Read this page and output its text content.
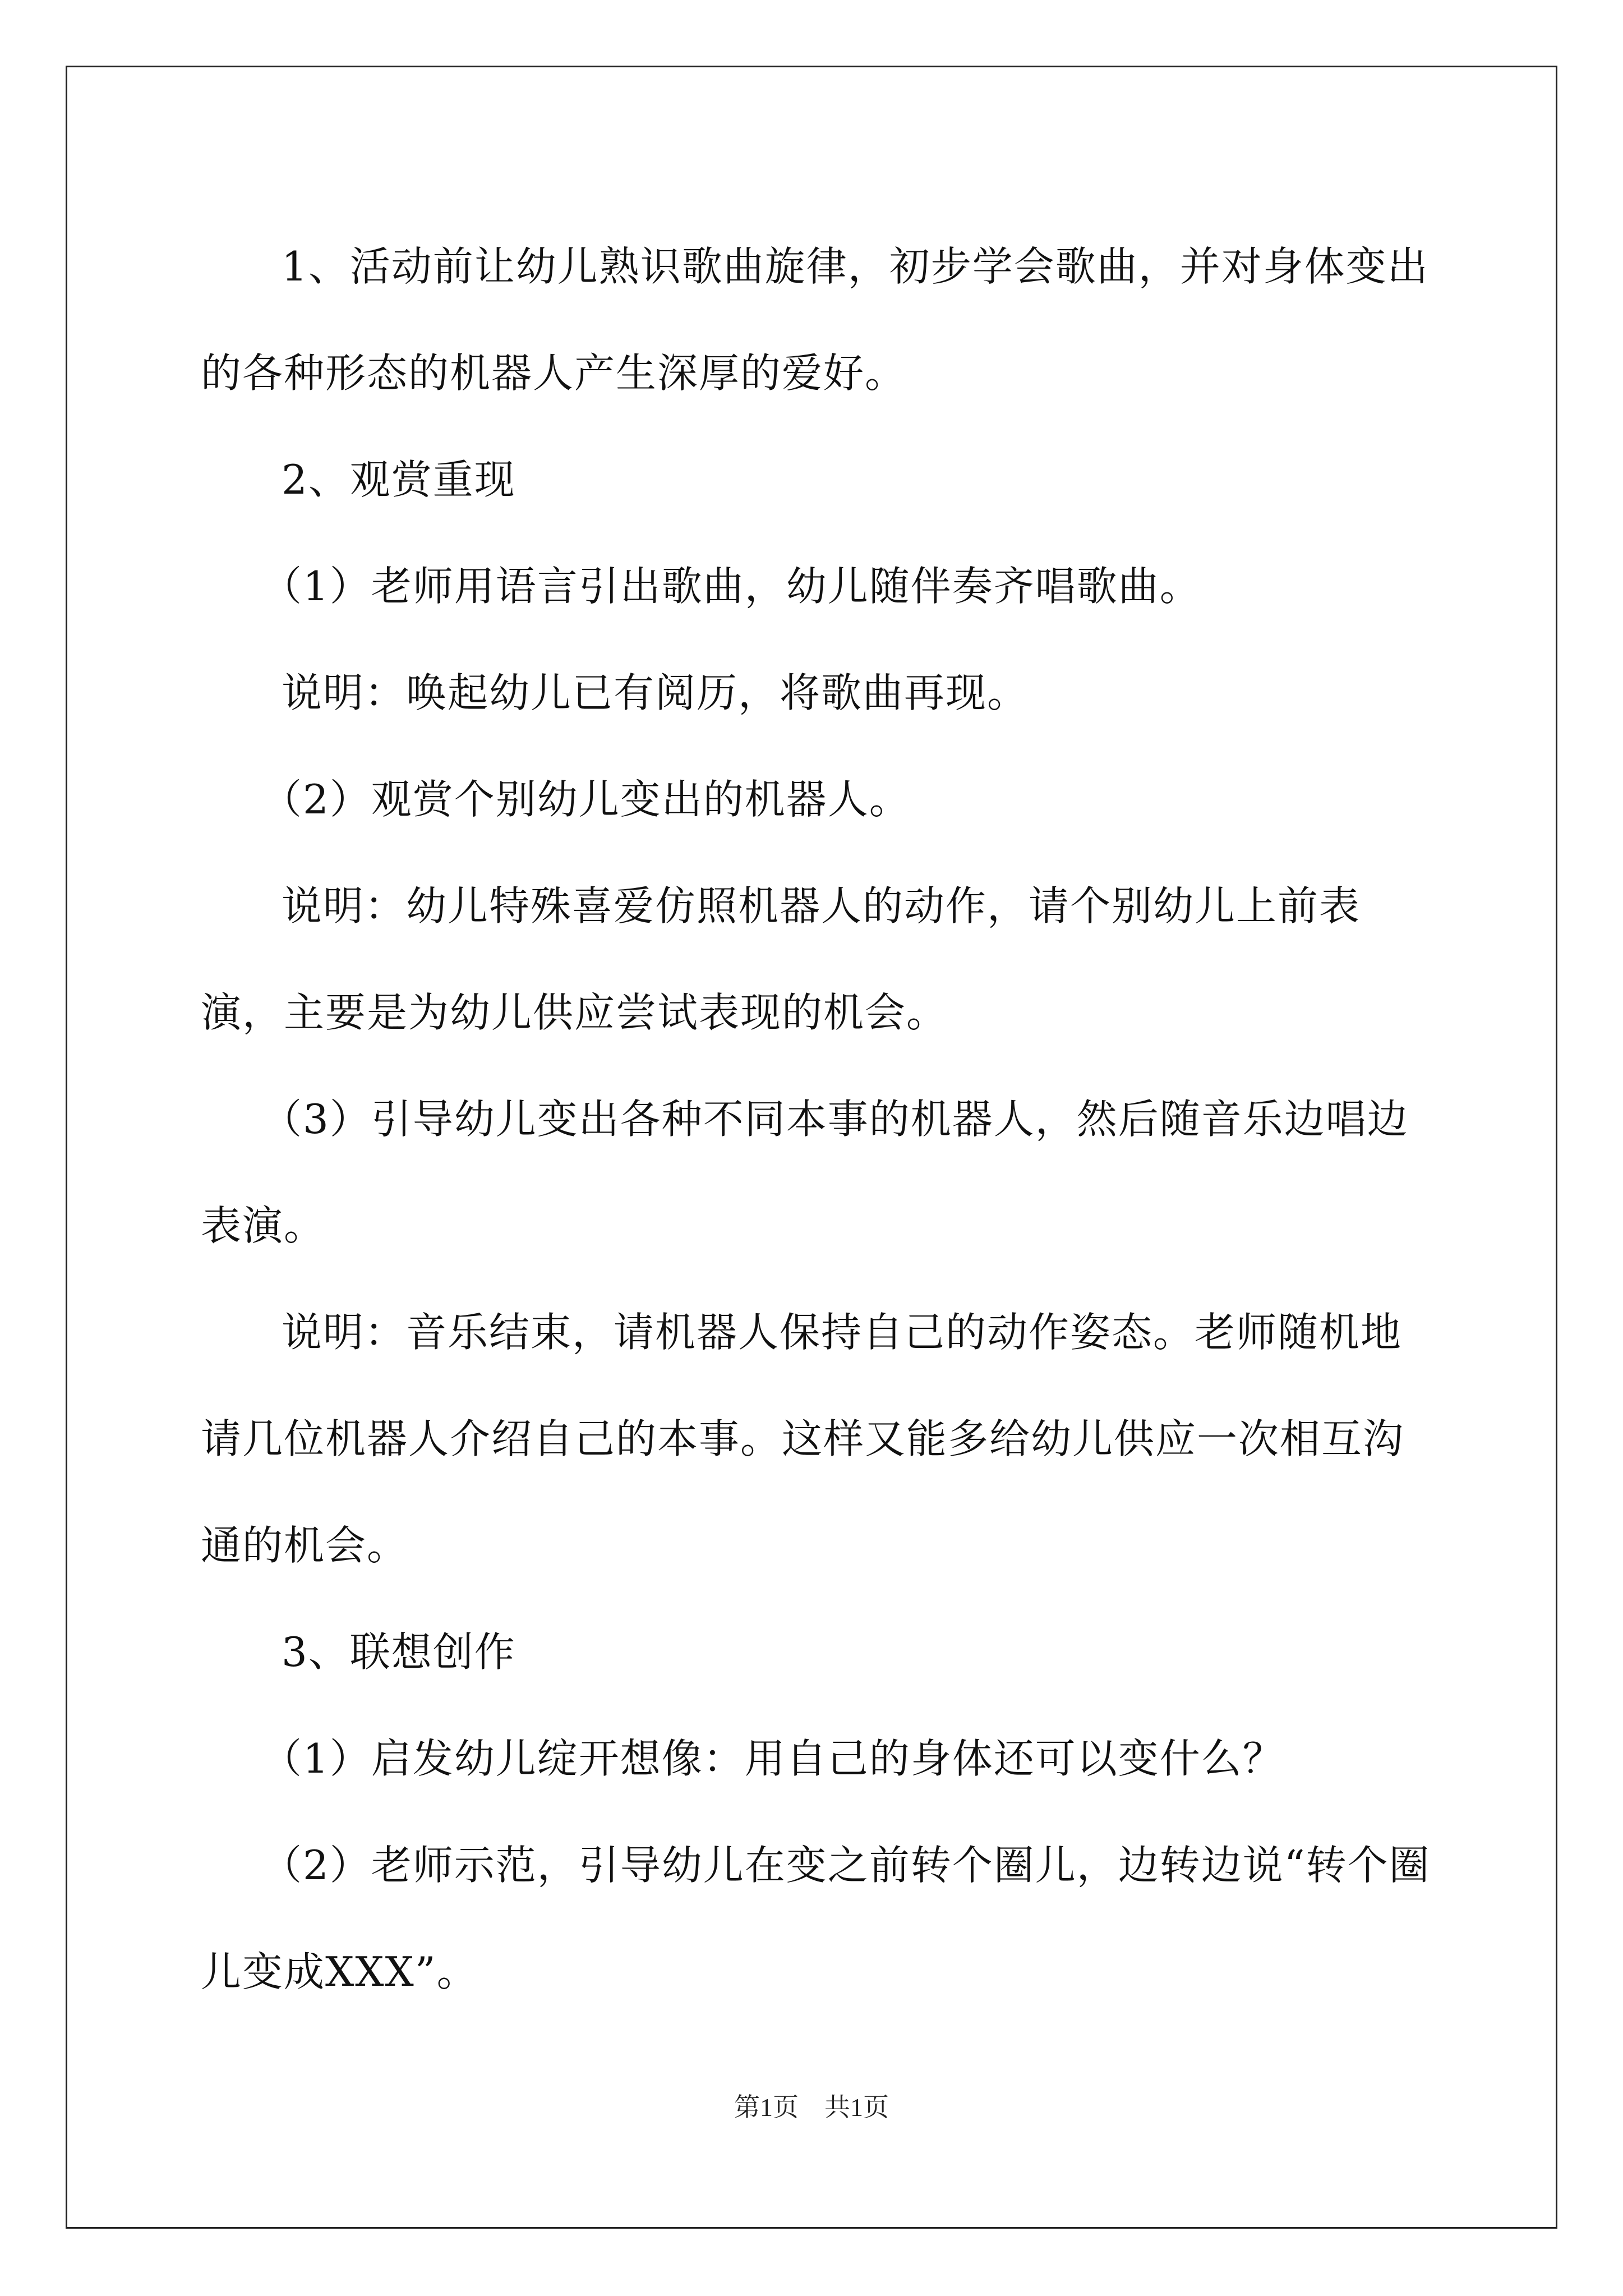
1、活动前让幼儿熟识歌曲旋律，初步学会歌曲，并对身体变出的各种形态的机器人产生深厚的爱好。

2、观赏重现

（1）老师用语言引出歌曲，幼儿随伴奏齐唱歌曲。

说明：唤起幼儿已有阅历，将歌曲再现。

（2）观赏个别幼儿变出的机器人。

说明：幼儿特殊喜爱仿照机器人的动作，请个别幼儿上前表演，主要是为幼儿供应尝试表现的机会。

（3）引导幼儿变出各种不同本事的机器人，然后随音乐边唱边表演。

说明：音乐结束，请机器人保持自己的动作姿态。老师随机地请几位机器人介绍自己的本事。这样又能多给幼儿供应一次相互沟通的机会。

3、联想创作

（1）启发幼儿绽开想像：用自己的身体还可以变什么？

（2）老师示范，引导幼儿在变之前转个圈儿，边转边说“转个圈儿变成XXX”。

第1页　共1页
